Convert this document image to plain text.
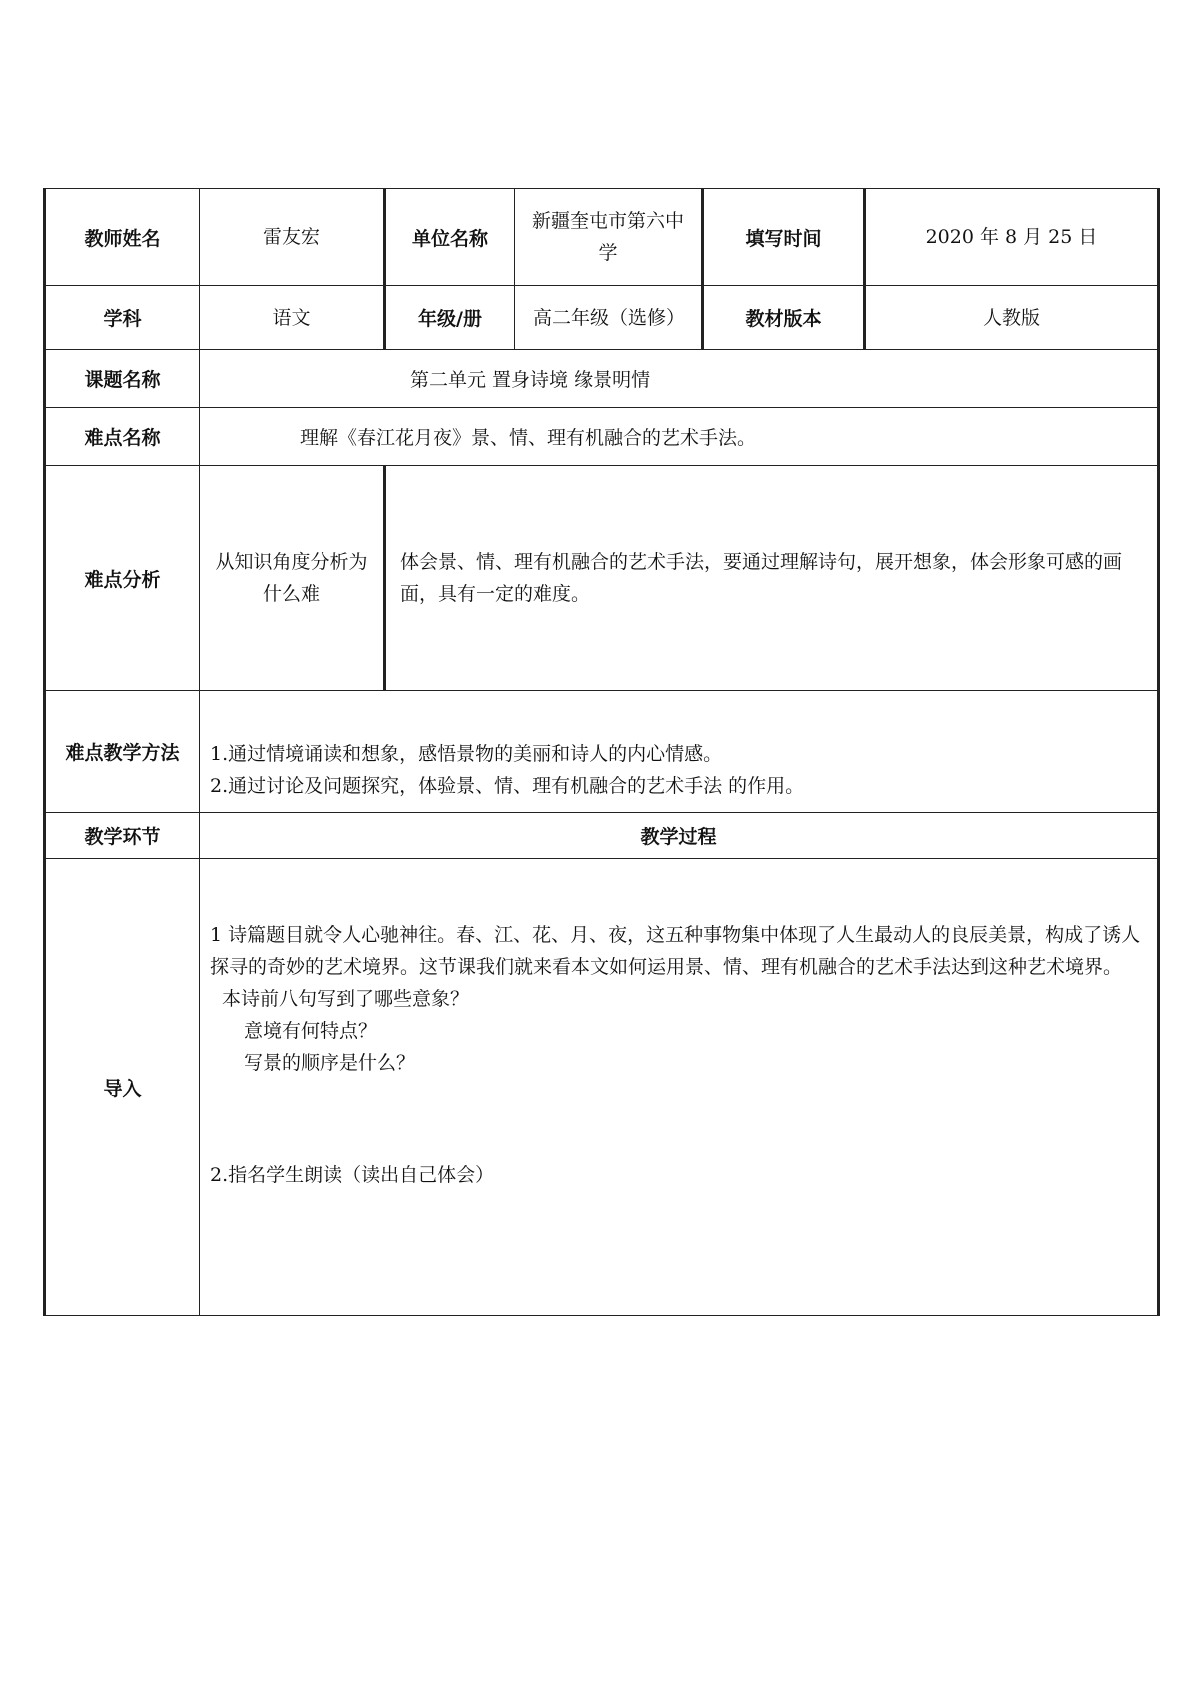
教师姓名	雷友宏	单位名称	新疆奎屯市第六中学	填写时间	2020 年 8 月 25 日
学科	语文	年级/册	高二年级（选修）	教材版本	人教版
课题名称	第二单元 置身诗境 缘景明情				
难点名称	理解《春江花月夜》景、情、理有机融合的艺术手法。				
难点分析	从知识角度分析为什么难	体会景、情、理有机融合的艺术手法，要通过理解诗句，展开想象，体会形象可感的画面，具有一定的难度。			
难点教学方法	1.通过情境诵读和想象，感悟景物的美丽和诗人的内心情感。
2.通过讨论及问题探究，体验景、情、理有机融合的艺术手法 的作用。				

教学环节	教学过程				
导入	1 诗篇题目就令人心驰神往。春、江、花、月、夜，这五种事物集中体现了人生最动人的良辰美景，构成了诱人探寻的奇妙的艺术境界。这节课我们就来看本文如何运用景、情、理有机融合的艺术手法达到这种艺术境界。

本诗前八句写到了哪些意象？

意境有何特点？

写景的顺序是什么？

2.指名学生朗读（读出自己体会）				
